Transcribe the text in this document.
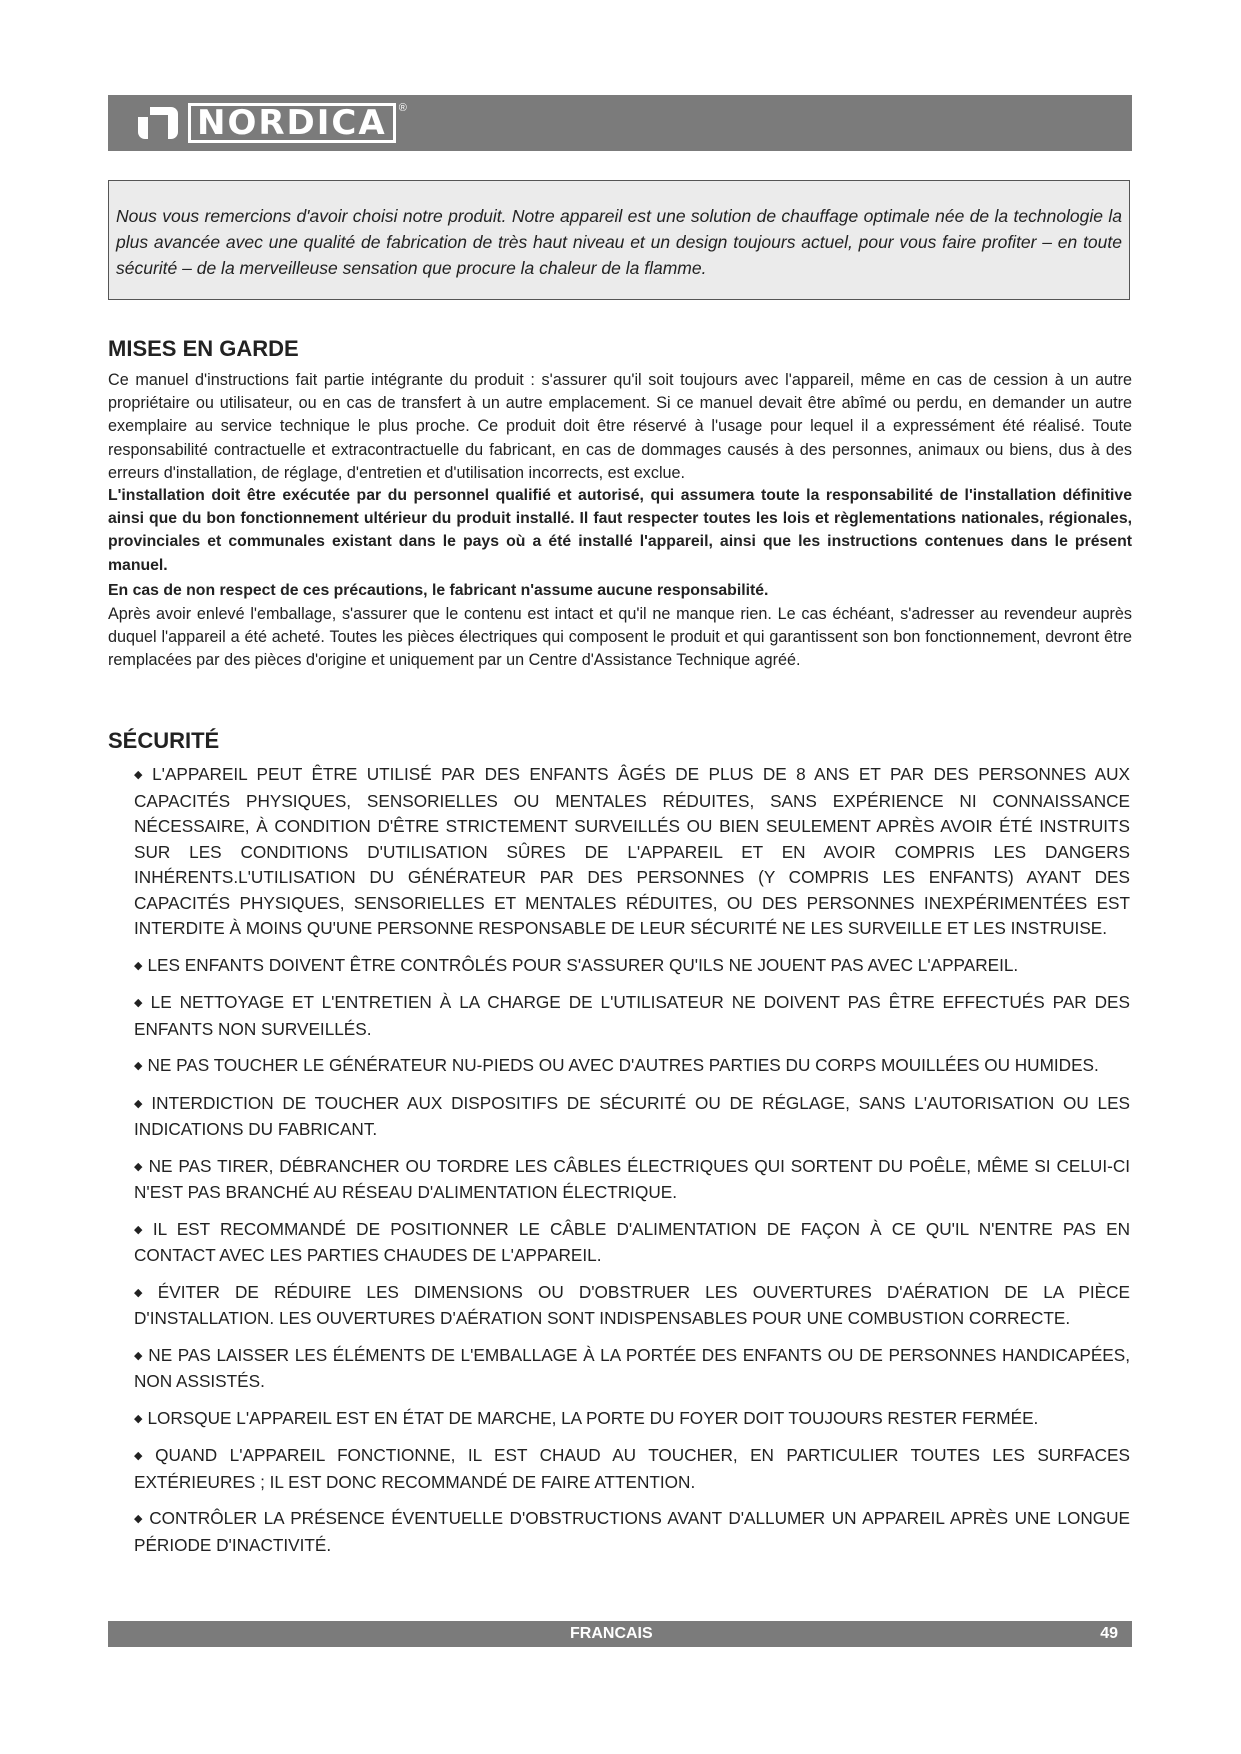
NORDICA	®

Nous vous remercions d'avoir choisi notre produit. Notre appareil est une solution de chauffage optimale née de la technologie la plus avancée avec une qualité de fabrication de très haut niveau et un design toujours actuel, pour vous faire profiter – en toute sécurité – de la merveilleuse sensation que procure la chaleur de la flamme.

MISES EN GARDE

Ce manuel d'instructions fait partie intégrante du produit : s'assurer qu'il soit toujours avec l'appareil, même en cas de cession à un autre propriétaire ou utilisateur, ou en cas de transfert à un autre emplacement. Si ce manuel devait être abîmé ou perdu, en demander un autre exemplaire au service technique le plus proche. Ce produit doit être réservé à l'usage pour lequel il a expressément été réalisé. Toute responsabilité contractuelle et extracontractuelle du fabricant, en cas de dommages causés à des personnes, animaux ou biens, dus à des erreurs d'installation, de réglage, d'entretien et d'utilisation incorrects, est exclue.

L'installation doit être exécutée par du personnel qualifié et autorisé, qui assumera toute la responsabilité de l'installation définitive ainsi que du bon fonctionnement ultérieur du produit installé. Il faut respecter toutes les lois et règlementations nationales, régionales, provinciales et communales existant dans le pays où a été installé l'appareil, ainsi que les instructions contenues dans le présent manuel.

En cas de non respect de ces précautions, le fabricant n'assume aucune responsabilité.

Après avoir enlevé l'emballage, s'assurer que le contenu est intact et qu'il ne manque rien. Le cas échéant, s'adresser au revendeur auprès duquel l'appareil a été acheté. Toutes les pièces électriques qui composent le produit et qui garantissent son bon fonctionnement, devront être remplacées par des pièces d'origine et uniquement par un Centre d'Assistance Technique agréé.

SÉCURITÉ
◆ L'APPAREIL PEUT ÊTRE UTILISÉ PAR DES ENFANTS ÂGÉS DE PLUS DE 8 ANS ET PAR DES PERSONNES AUX CAPACITÉS PHYSIQUES, SENSORIELLES OU MENTALES RÉDUITES, SANS EXPÉRIENCE NI CONNAISSANCE NÉCESSAIRE, À CONDITION D'ÊTRE STRICTEMENT SURVEILLÉS OU BIEN SEULEMENT APRÈS AVOIR ÉTÉ INSTRUITS SUR LES CONDITIONS D'UTILISATION SÛRES DE L'APPAREIL ET EN AVOIR COMPRIS LES DANGERS INHÉRENTS.L'UTILISATION DU GÉNÉRATEUR PAR DES PERSONNES (Y COMPRIS LES ENFANTS) AYANT DES CAPACITÉS PHYSIQUES, SENSORIELLES ET MENTALES RÉDUITES, OU DES PERSONNES INEXPÉRIMENTÉES EST INTERDITE À MOINS QU'UNE PERSONNE RESPONSABLE DE LEUR SÉCURITÉ NE LES SURVEILLE ET LES INSTRUISE.
◆ LES ENFANTS DOIVENT ÊTRE CONTRÔLÉS POUR S'ASSURER QU'ILS NE JOUENT PAS AVEC L'APPAREIL.
◆ LE NETTOYAGE ET L'ENTRETIEN À LA CHARGE DE L'UTILISATEUR NE DOIVENT PAS ÊTRE EFFECTUÉS PAR DES ENFANTS NON SURVEILLÉS.
◆ NE PAS TOUCHER LE GÉNÉRATEUR NU-PIEDS OU AVEC D'AUTRES PARTIES DU CORPS MOUILLÉES OU HUMIDES.
◆ INTERDICTION DE TOUCHER AUX DISPOSITIFS DE SÉCURITÉ OU DE RÉGLAGE, SANS L'AUTORISATION OU LES INDICATIONS DU FABRICANT.
◆ NE PAS TIRER, DÉBRANCHER OU TORDRE LES CÂBLES ÉLECTRIQUES QUI SORTENT DU POÊLE, MÊME SI CELUI-CI N'EST PAS BRANCHÉ AU RÉSEAU D'ALIMENTATION ÉLECTRIQUE.
◆ IL EST RECOMMANDÉ DE POSITIONNER LE CÂBLE D'ALIMENTATION DE FAÇON À CE QU'IL N'ENTRE PAS EN CONTACT AVEC LES PARTIES CHAUDES DE L'APPAREIL.
◆ ÉVITER DE RÉDUIRE LES DIMENSIONS OU D'OBSTRUER LES OUVERTURES D'AÉRATION DE LA PIÈCE D'INSTALLATION. LES OUVERTURES D'AÉRATION SONT INDISPENSABLES POUR UNE COMBUSTION CORRECTE.
◆ NE PAS LAISSER LES ÉLÉMENTS DE L'EMBALLAGE À LA PORTÉE DES ENFANTS OU DE PERSONNES HANDICAPÉES, NON ASSISTÉS.
◆ LORSQUE L'APPAREIL EST EN ÉTAT DE MARCHE, LA PORTE DU FOYER DOIT TOUJOURS RESTER FERMÉE.
◆ QUAND L'APPAREIL FONCTIONNE, IL EST CHAUD AU TOUCHER, EN PARTICULIER TOUTES LES SURFACES EXTÉRIEURES ; IL EST DONC RECOMMANDÉ DE FAIRE ATTENTION.
◆ CONTRÔLER LA PRÉSENCE ÉVENTUELLE D'OBSTRUCTIONS AVANT D'ALLUMER UN APPAREIL APRÈS UNE LONGUE PÉRIODE D'INACTIVITÉ.
FRANCAIS	49
